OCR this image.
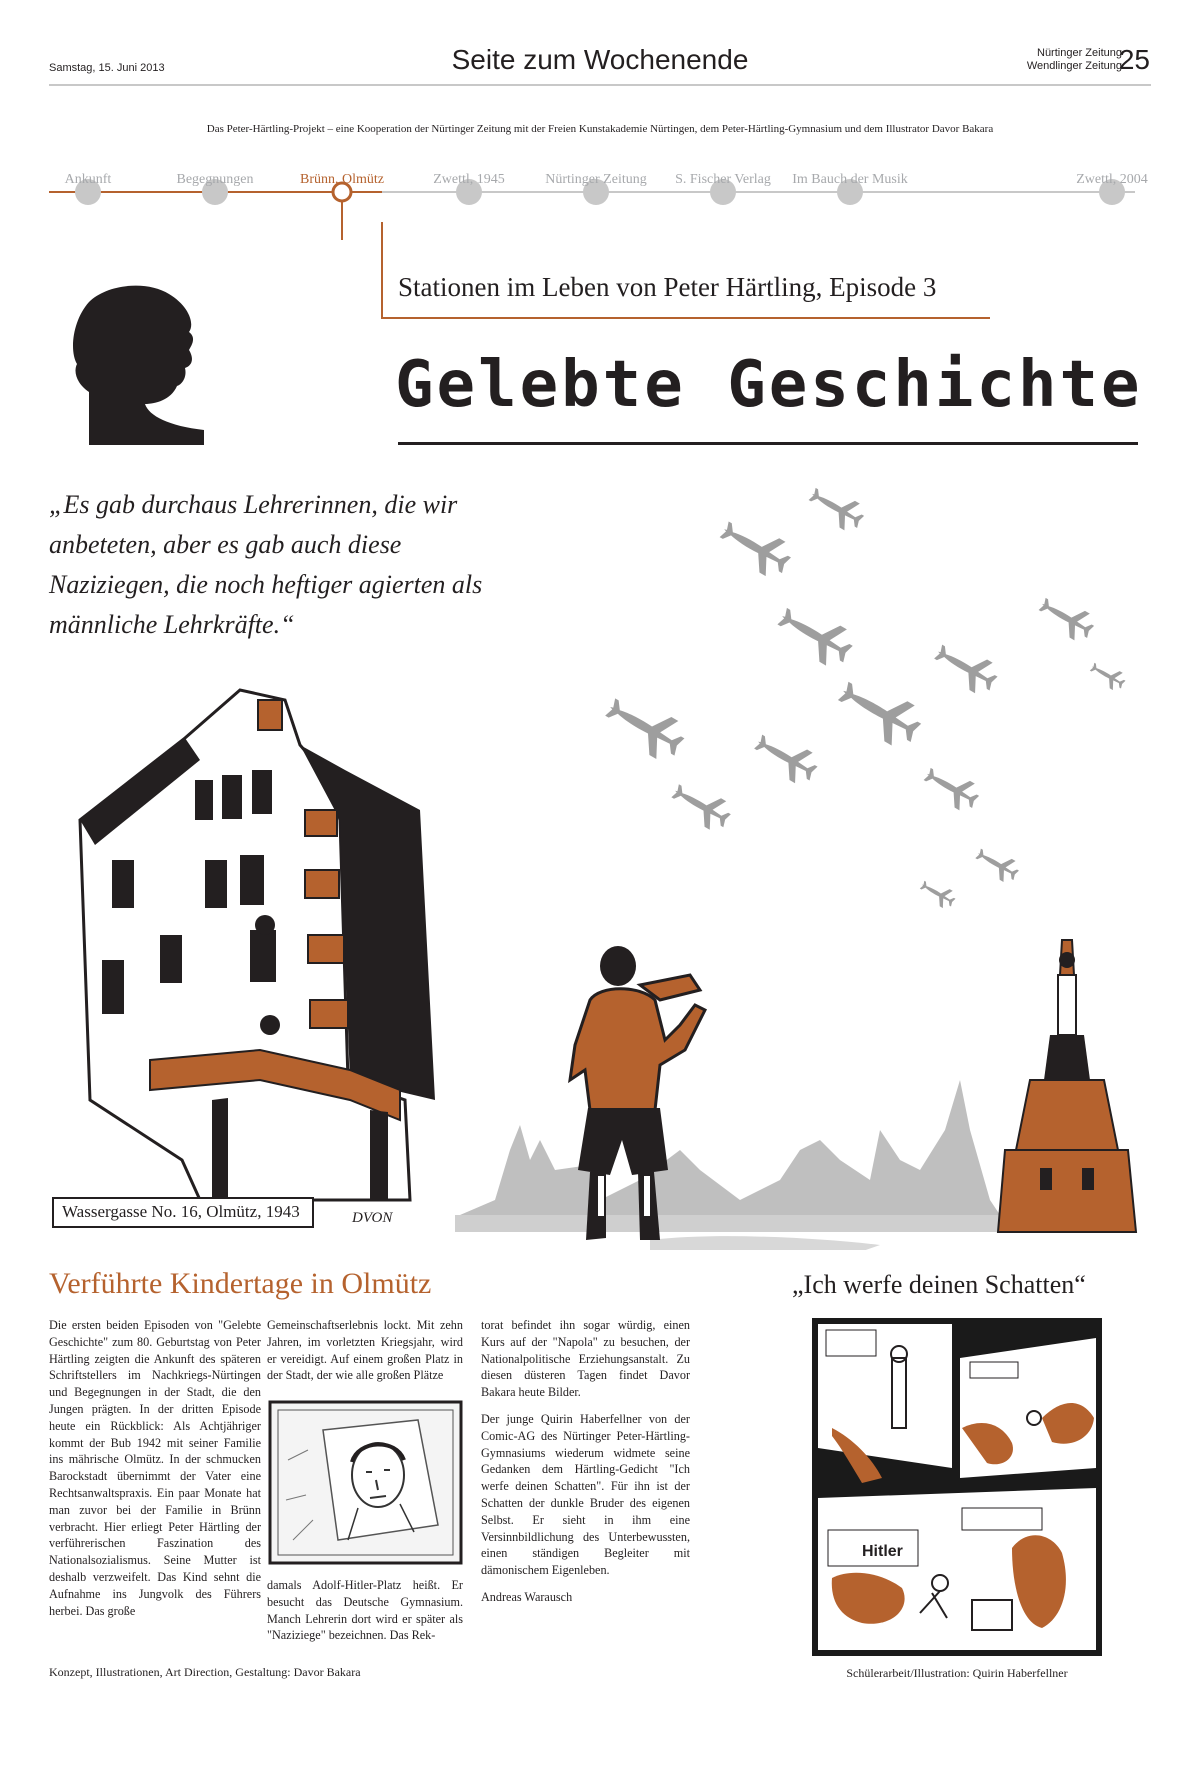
Samstag, 15. Juni 2013	Seite zum Wochenende	Nürtinger Zeitung
Wendlinger Zeitung
25
Das Peter-Härtling-Projekt – eine Kooperation der Nürtinger Zeitung mit der Freien Kunstakademie Nürtingen, dem Peter-Härtling-Gymnasium und dem Illustrator Davor Bakara
Ankunft	Begegnungen	Brünn, Olmütz	Zwettl, 1945	Nürtinger Zeitung S. Fischer Verlag Im Bauch der Musik	Zwettl, 2004
Stationen im Leben von Peter Härtling, Episode 3
Gelebte Geschichte
„Es gab durchaus Lehrerinnen, die wir anbeteten, aber es gab auch diese Naziziegen, die noch heftiger agierten als männliche Lehrkräfte.“
DVON
Wassergasse No. 16, Olmütz, 1943
Verführte Kindertage in Olmütz

Die ersten beiden Episoden von "Gelebte Geschichte" zum 80. Geburtstag von Peter Härtling zeigten die Ankunft des späteren Schriftstellers im Nachkriegs-Nürtingen und Begegnungen in der Stadt, die den Jungen prägten. In der dritten Episode heute ein Rückblick: Als Achtjähriger kommt der Bub 1942 mit seiner Familie ins mährische Olmütz. In der schmucken Barockstadt übernimmt der Vater eine Rechtsanwaltspraxis. Ein paar Monate hat man zuvor bei der Familie in Brünn verbracht. Hier erliegt Peter Härtling der verführerischen Faszination des Nationalsozialismus. Seine Mutter ist deshalb verzweifelt. Das Kind sehnt die Aufnahme ins Jungvolk des Führers herbei. Das große

Gemeinschaftserlebnis lockt. Mit zehn Jahren, im vorletzten Kriegsjahr, wird er vereidigt. Auf einem großen Platz in der Stadt, der wie alle großen Plätze

damals Adolf-Hitler-Platz heißt. Er besucht das Deutsche Gymnasium. Manch Lehrerin dort wird er später als "Naziziege" bezeichnen. Das Rek-

torat befindet ihn sogar würdig, einen Kurs auf der "Napola" zu besuchen, der Nationalpolitische Erziehungsanstalt. Zu diesen düsteren Tagen findet Davor Bakara heute Bilder.

Der junge Quirin Haberfellner von der Comic-AG des Nürtinger Peter-Härtling-Gymnasiums wiederum widmete seine Gedanken dem Härtling-Gedicht "Ich werfe deinen Schatten". Für ihn ist der Schatten der dunkle Bruder des eigenen Selbst. Er sieht in ihm eine Versinnbildlichung des Unterbewussten, einen ständigen Begleiter mit dämonischem Eigenleben.

Andreas Warausch

Konzept, Illustrationen, Art Direction, Gestaltung: Davor Bakara
„Ich werfe deinen Schatten“
Hitler
Schülerarbeit/Illustration: Quirin Haberfellner
